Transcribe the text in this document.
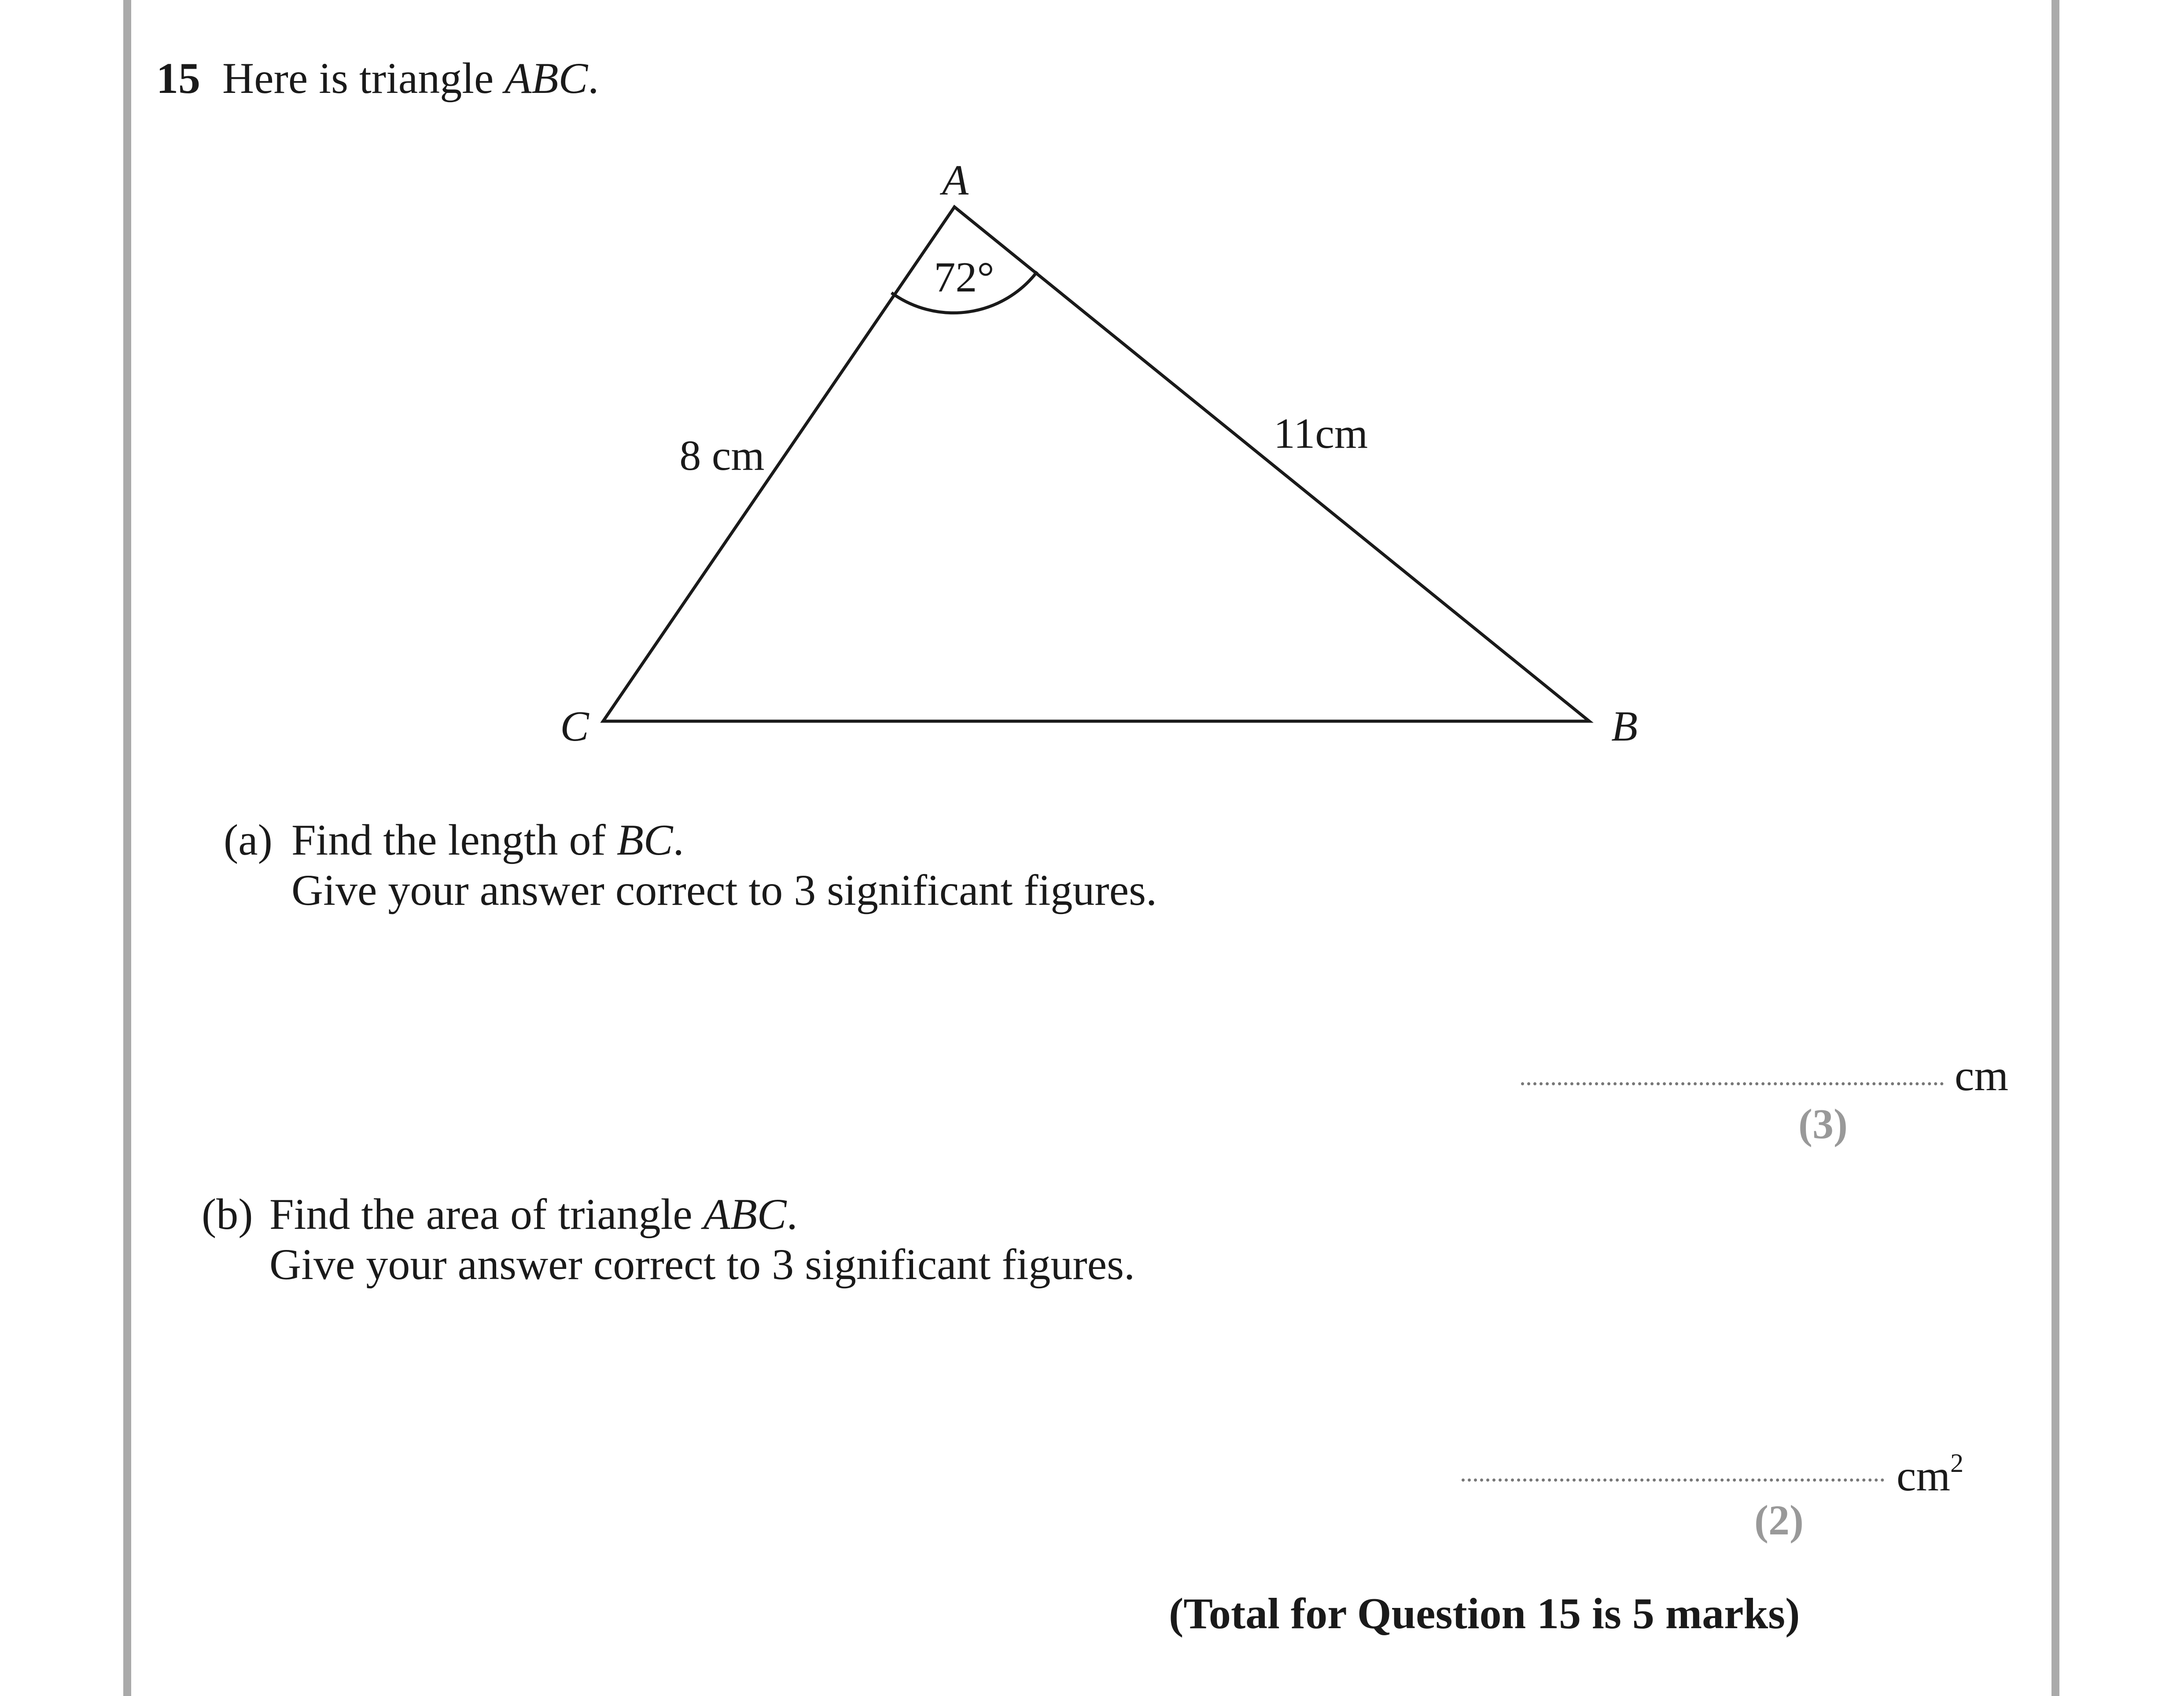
15 Here is triangle ABC.
A
B
C
72°
8 cm	11cm
(a) Find the length of BC.
Give your answer correct to 3 significant figures.
cm
(3)
(b) Find the area of triangle ABC.
Give your answer correct to 3 significant figures.
$cm^2$
(2)
(Total for Question 15 is 5 marks)
